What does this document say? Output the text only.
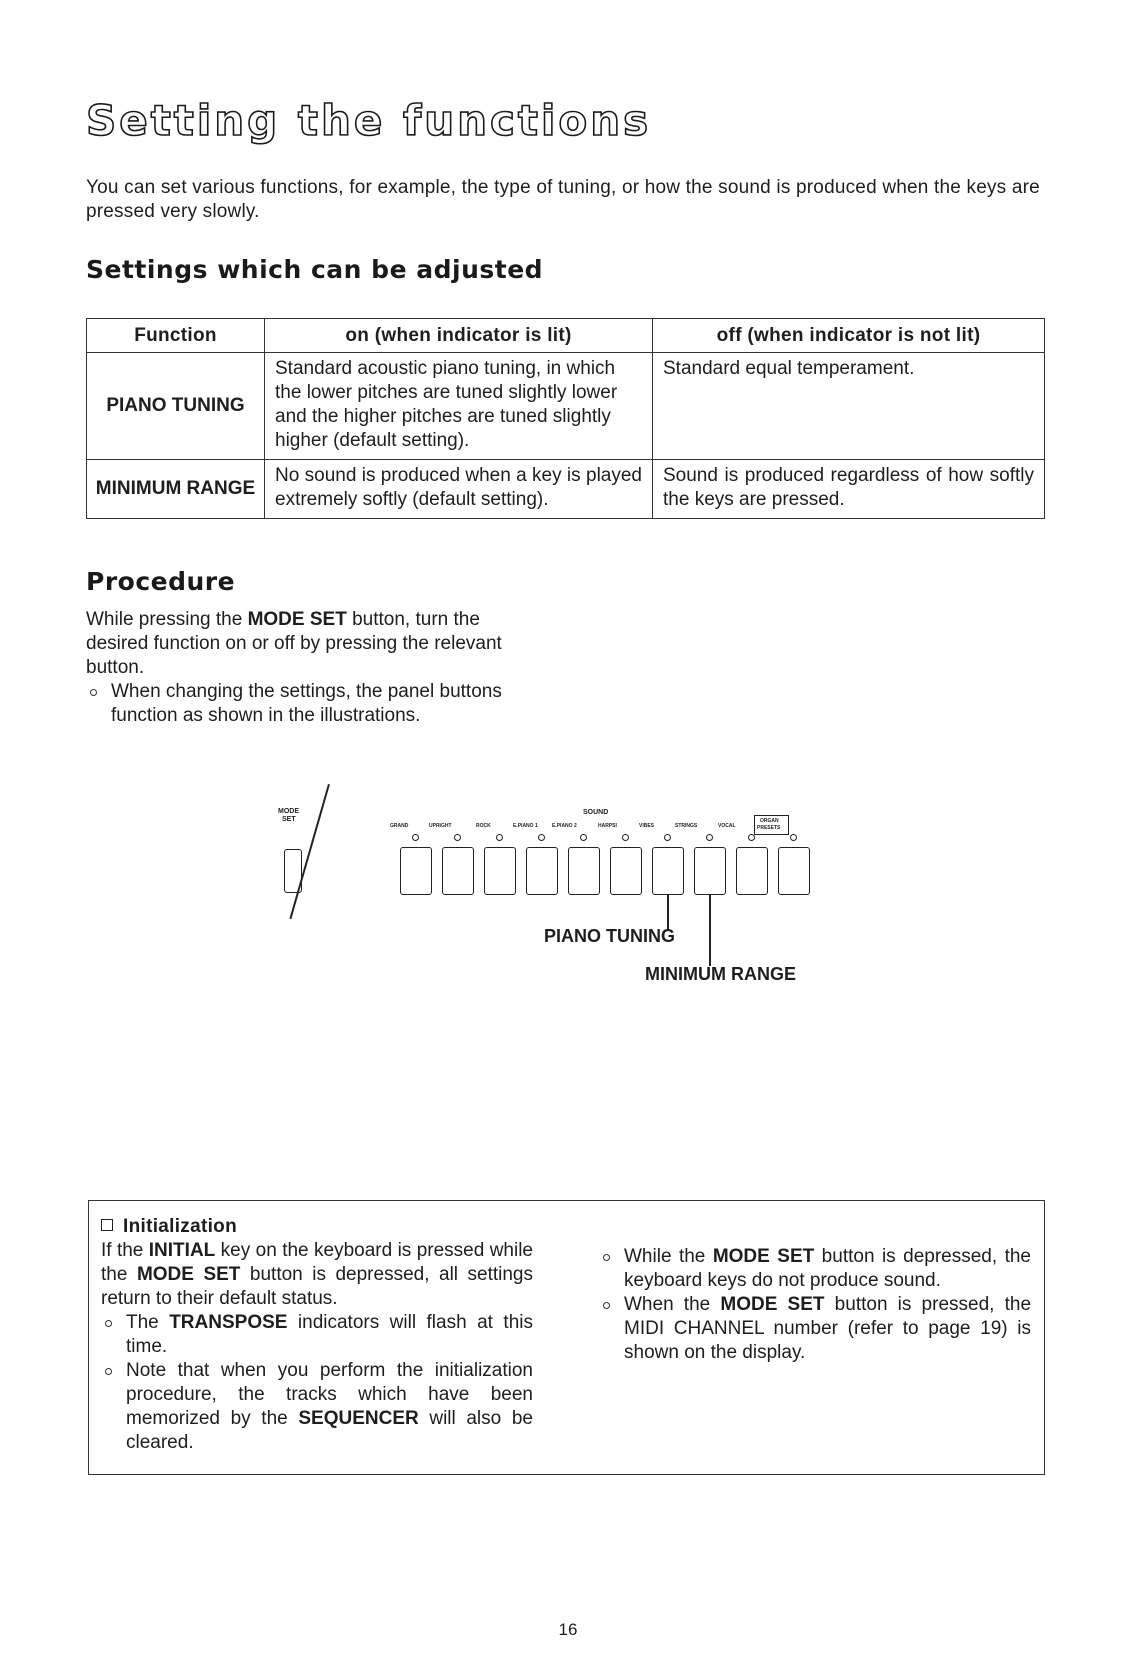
Setting the functions

You can set various functions, for example, the type of tuning, or how the sound is produced when the keys are pressed very slowly.

Settings which can be adjusted
Function	on (when indicator is lit)	off (when indicator is not lit)
PIANO TUNING	Standard acoustic piano tuning, in which the lower pitches are tuned slightly lower and the higher pitches are tuned slightly higher (default setting).	Standard equal temperament.
MINIMUM RANGE	No sound is produced when a key is played extremely softly (default setting).	Sound is produced regardless of how softly the keys are pressed.
Procedure

While pressing the MODE SET button, turn the desired function on or off by pressing the relevant button.

When changing the settings, the panel buttons function as shown in the illustrations.

MODE
SET
SOUND
GRAND	UPRIGHT	ROCK	E.PIANO 1	E.PIANO 2	HARPSI	VIBES	STRINGS	VOCAL
ORGAN
PRESETS
PIANO TUNING
MINIMUM RANGE

Initialization

If the INITIAL key on the keyboard is pressed while the MODE SET button is depressed, all settings return to their default status.

The TRANSPOSE indicators will flash at this time.

Note that when you perform the initialization procedure, the tracks which have been memorized by the SEQUENCER will also be cleared.

While the MODE SET button is depressed, the keyboard keys do not produce sound.

When the MODE SET button is pressed, the MIDI CHANNEL number (refer to page 19) is shown on the display.

16
